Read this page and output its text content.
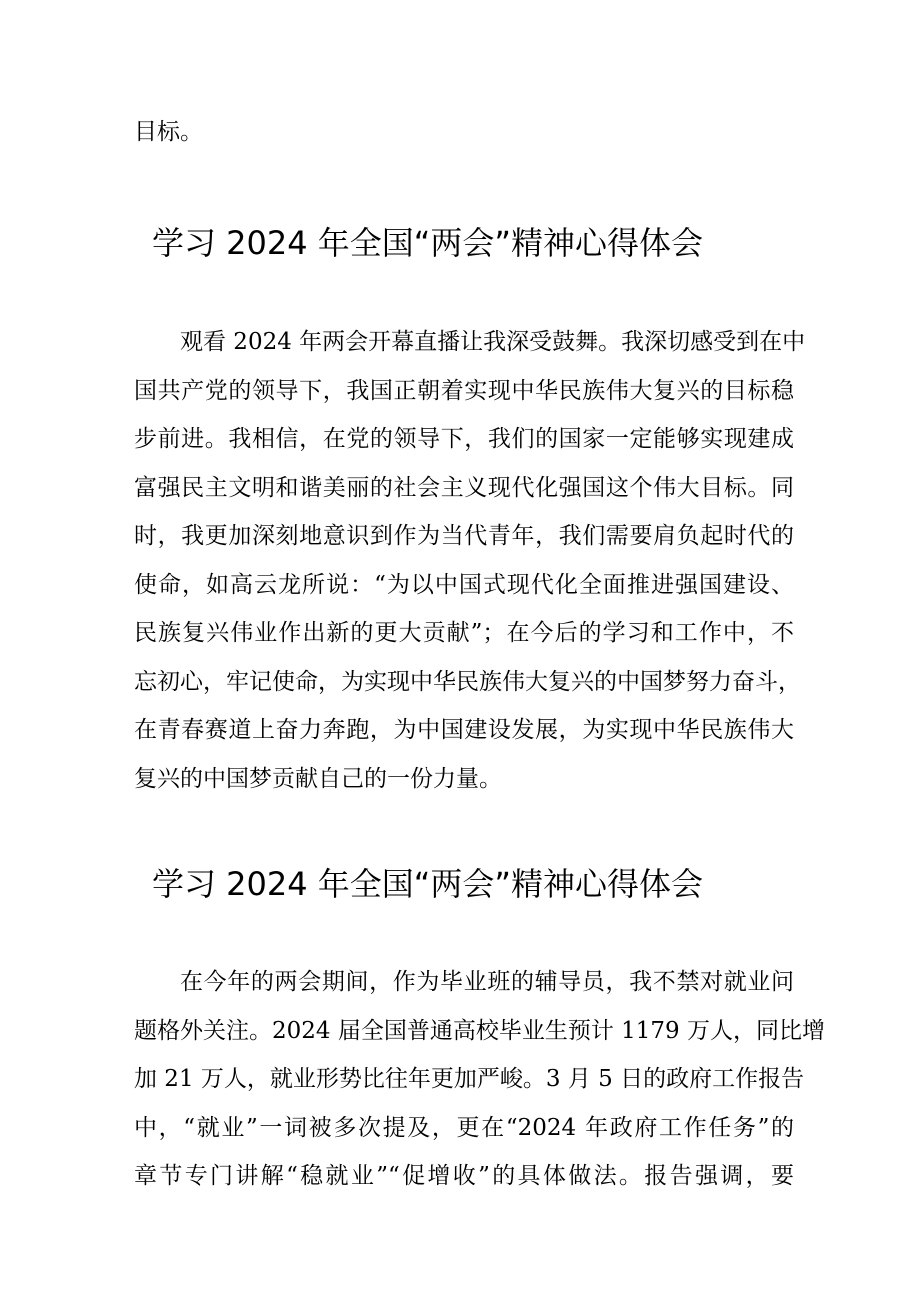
目标。
学习 2024 年全国“两会”精神心得体会
观看 2024 年两会开幕直播让我深受鼓舞。我深切感受到在中
国共产党的领导下，我国正朝着实现中华民族伟大复兴的目标稳
步前进。我相信，在党的领导下，我们的国家一定能够实现建成
富强民主文明和谐美丽的社会主义现代化强国这个伟大目标。同
时，我更加深刻地意识到作为当代青年，我们需要肩负起时代的
使命，如高云龙所说：“为以中国式现代化全面推进强国建设、
民族复兴伟业作出新的更大贡献”；在今后的学习和工作中，不
忘初心，牢记使命，为实现中华民族伟大复兴的中国梦努力奋斗，
在青春赛道上奋力奔跑，为中国建设发展，为实现中华民族伟大
复兴的中国梦贡献自己的一份力量。
学习 2024 年全国“两会”精神心得体会
在今年的两会期间，作为毕业班的辅导员，我不禁对就业问
题格外关注。2024 届全国普通高校毕业生预计 1179 万人，同比增
加 21 万人，就业形势比往年更加严峻。3 月 5 日的政府工作报告
中，“就业”一词被多次提及，更在“2024 年政府工作任务”的
章节专门讲解“稳就业”“促增收”的具体做法。报告强调，要
